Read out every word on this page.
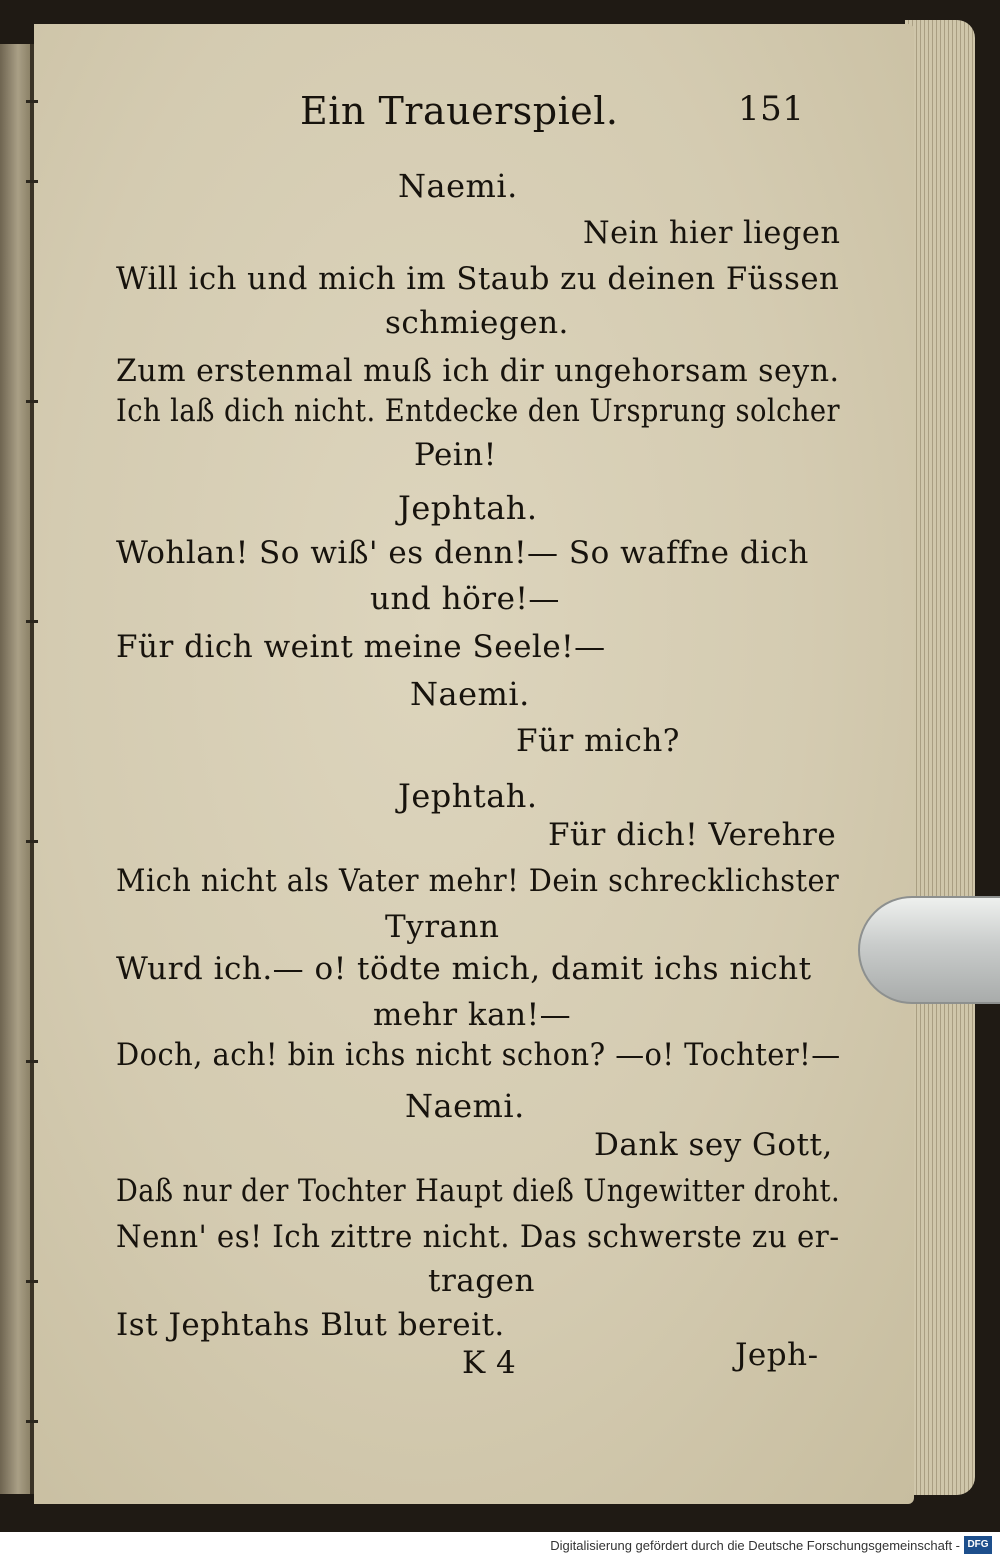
Ein Trauerspiel.	151
Naemi.
Nein hier liegen
Will ich und mich im Staub zu deinen Füssen
schmiegen.
Zum erstenmal muß ich dir ungehorsam seyn.
Ich laß dich nicht. Entdecke den Ursprung solcher
Pein!
Jephtah.
Wohlan! So wiß' es denn!— So waffne dich
und höre!—
Für dich weint meine Seele!—
Naemi.
Für mich?
Jephtah.
Für dich! Verehre
Mich nicht als Vater mehr! Dein schrecklichster
Tyrann
Wurd ich.— o! tödte mich, damit ichs nicht
mehr kan!—
Doch, ach! bin ichs nicht schon? —o! Tochter!—
Naemi.
Dank sey Gott,
Daß nur der Tochter Haupt dieß Ungewitter droht.
Nenn' es! Ich zittre nicht. Das schwerste zu er-
tragen
Ist Jephtahs Blut bereit.
K 4	Jeph-
Digitalisierung gefördert durch die Deutsche Forschungsgemeinschaft - DFG
